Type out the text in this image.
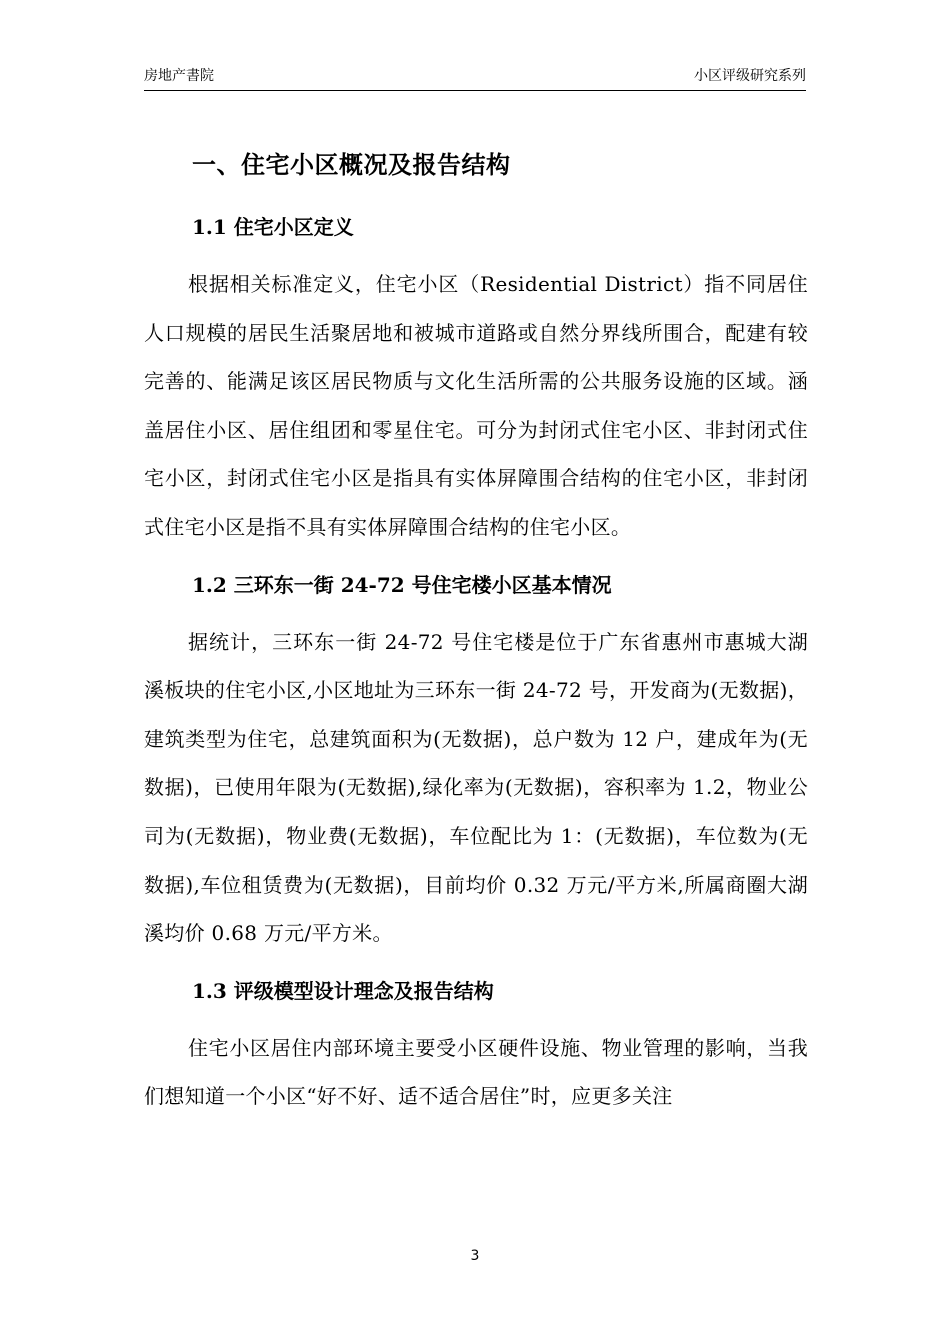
房地产書院	小区评级研究系列
一、住宅小区概况及报告结构
1.1 住宅小区定义

根据相关标准定义，住宅小区（Residential District）指不同居住人口规模的居民生活聚居地和被城市道路或自然分界线所围合，配建有较完善的、能满足该区居民物质与文化生活所需的公共服务设施的区域。涵盖居住小区、居住组团和零星住宅。可分为封闭式住宅小区、非封闭式住宅小区，封闭式住宅小区是指具有实体屏障围合结构的住宅小区，非封闭式住宅小区是指不具有实体屏障围合结构的住宅小区。

1.2 三环东一街 24-72 号住宅楼小区基本情况

据统计，三环东一街 24-72 号住宅楼是位于广东省惠州市惠城大湖溪板块的住宅小区,小区地址为三环东一街 24-72 号，开发商为(无数据)，建筑类型为住宅，总建筑面积为(无数据)，总户数为 12 户，建成年为(无数据)，已使用年限为(无数据),绿化率为(无数据)，容积率为 1.2，物业公司为(无数据)，物业费(无数据)，车位配比为 1：(无数据)，车位数为(无数据),车位租赁费为(无数据)，目前均价 0.32 万元/平方米,所属商圈大湖溪均价 0.68 万元/平方米。

1.3 评级模型设计理念及报告结构

住宅小区居住内部环境主要受小区硬件设施、物业管理的影响，当我们想知道一个小区“好不好、适不适合居住”时，应更多关注

3
